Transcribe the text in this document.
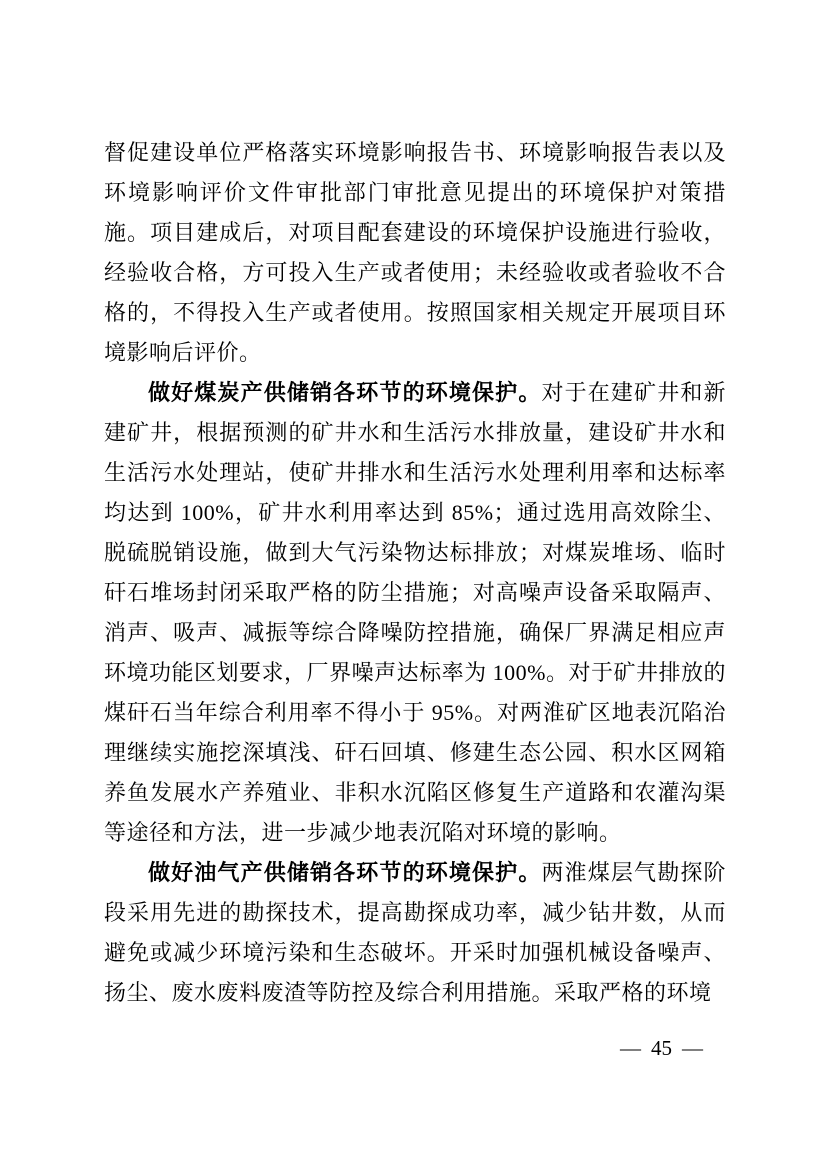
督促建设单位严格落实环境影响报告书、环境影响报告表以及环境影响评价文件审批部门审批意见提出的环境保护对策措施。项目建成后，对项目配套建设的环境保护设施进行验收，经验收合格，方可投入生产或者使用；未经验收或者验收不合格的，不得投入生产或者使用。按照国家相关规定开展项目环境影响后评价。

做好煤炭产供储销各环节的环境保护。对于在建矿井和新建矿井，根据预测的矿井水和生活污水排放量，建设矿井水和生活污水处理站，使矿井排水和生活污水处理利用率和达标率均达到 100%，矿井水利用率达到 85%；通过选用高效除尘、脱硫脱销设施，做到大气污染物达标排放；对煤炭堆场、临时矸石堆场封闭采取严格的防尘措施；对高噪声设备采取隔声、消声、吸声、减振等综合降噪防控措施，确保厂界满足相应声环境功能区划要求，厂界噪声达标率为 100%。对于矿井排放的煤矸石当年综合利用率不得小于 95%。对两淮矿区地表沉陷治理继续实施挖深填浅、矸石回填、修建生态公园、积水区网箱养鱼发展水产养殖业、非积水沉陷区修复生产道路和农灌沟渠等途径和方法，进一步减少地表沉陷对环境的影响。

做好油气产供储销各环节的环境保护。两淮煤层气勘探阶段采用先进的勘探技术，提高勘探成功率，减少钻井数，从而避免或减少环境污染和生态破坏。开采时加强机械设备噪声、扬尘、废水废料废渣等防控及综合利用措施。采取严格的环境

— 45 —
